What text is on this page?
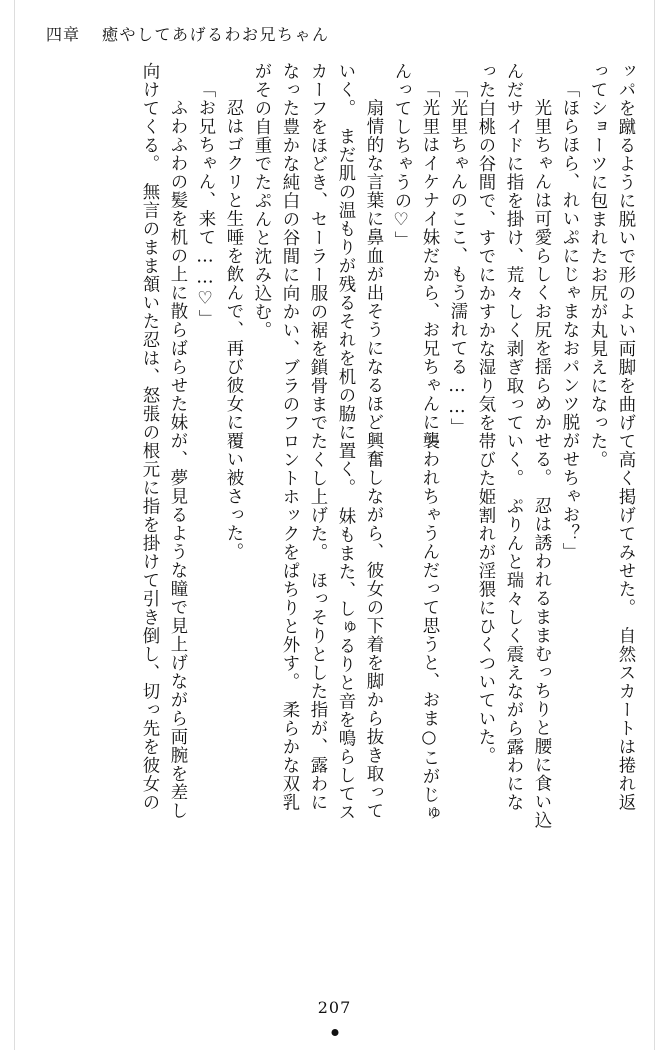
四章 癒やしてあげるわお兄ちゃん
ッパを蹴るように脱いで形のよい両脚を曲げて高く掲げてみせた。　自然スカートは捲れ返
ってショーツに包まれたお尻が丸見えになった。
「ほらほら、れいぷにじゃまなおパンツ脱がせちゃお？」
　光里ちゃんは可愛らしくお尻を揺らめかせる。　忍は誘われるままむっちりと腰に食い込
んだサイドに指を掛け、荒々しく剥ぎ取っていく。　ぷりんと瑞々しく震えながら露わにな
った白桃の谷間で、すでにかすかな湿り気を帯びた姫割れが淫猥にひくついていた。
「光里ちゃんのここ、もう濡れてる……」
「光里はイケナイ妹だから、お兄ちゃんに襲われちゃうんだって思うと、おま○こがじゅ
んってしちゃうの♡」
　扇情的な言葉に鼻血が出そうになるほど興奮しながら、彼女の下着を脚から抜き取って
いく。　まだ肌の温もりが残るそれを机の脇に置く。　妹もまた、しゅるりと音を鳴らしてス
カーフをほどき、セーラー服の裾を鎖骨までたくし上げた。　ほっそりとした指が、露わに
なった豊かな純白の谷間に向かい、ブラのフロントホックをぱちりと外す。　柔らかな双乳
がその自重でたぷんと沈み込む。
　忍はゴクリと生唾を飲んで、再び彼女に覆い被さった。
「お兄ちゃん、来て……♡」
　ふわふわの髪を机の上に散らばらせた妹が、夢見るような瞳で見上げながら両腕を差し
向けてくる。　無言のまま頷いた忍は、怒張の根元に指を掛けて引き倒し、切っ先を彼女の
207
